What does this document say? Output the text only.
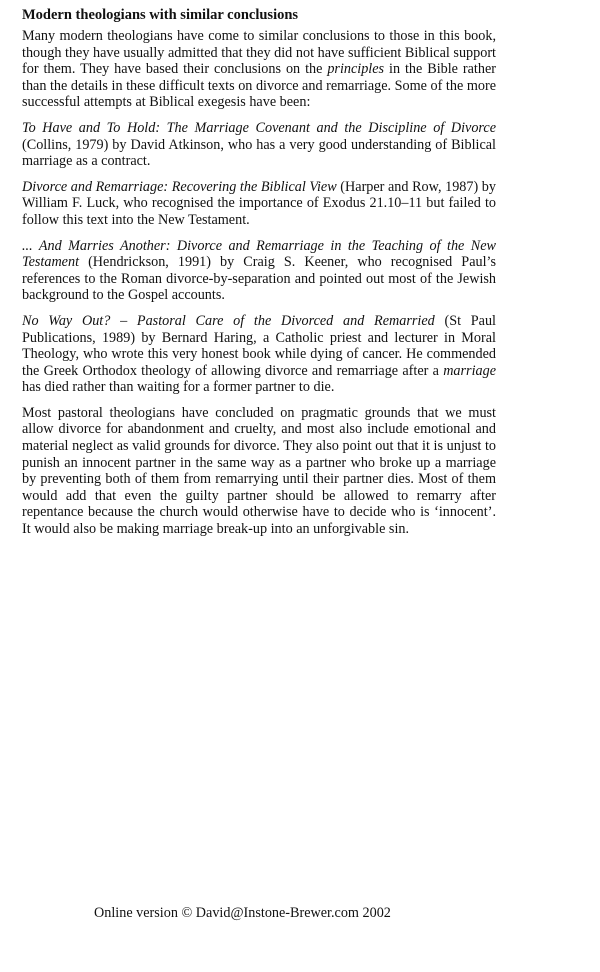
Modern theologians with similar conclusions

Many modern theologians have come to similar conclusions to those in this book, though they have usually admitted that they did not have sufficient Biblical support for them. They have based their conclusions on the principles in the Bible rather than the details in these difficult texts on divorce and remarriage. Some of the more successful attempts at Biblical exegesis have been:

To Have and To Hold: The Marriage Covenant and the Discipline of Divorce (Collins, 1979) by David Atkinson, who has a very good understanding of Biblical marriage as a contract.

Divorce and Remarriage: Recovering the Biblical View (Harper and Row, 1987) by William F. Luck, who recognised the importance of Exodus 21.10–11 but failed to follow this text into the New Testament.

... And Marries Another: Divorce and Remarriage in the Teaching of the New Testament (Hendrickson, 1991) by Craig S. Keener, who recognised Paul’s references to the Roman divorce-by-separation and pointed out most of the Jewish background to the Gospel accounts.

No Way Out? – Pastoral Care of the Divorced and Remarried (St Paul Publications, 1989) by Bernard Haring, a Catholic priest and lecturer in Moral Theology, who wrote this very honest book while dying of cancer. He commended the Greek Orthodox theology of allowing divorce and remarriage after a marriage has died rather than waiting for a former partner to die.

Most pastoral theologians have concluded on pragmatic grounds that we must allow divorce for abandonment and cruelty, and most also include emotional and material neglect as valid grounds for divorce. They also point out that it is unjust to punish an innocent partner in the same way as a partner who broke up a marriage by preventing both of them from remarrying until their partner dies. Most of them would add that even the guilty partner should be allowed to remarry after repentance because the church would otherwise have to decide who is ‘innocent’. It would also be making marriage break-up into an unforgivable sin.

Online version © David@Instone-Brewer.com 2002
